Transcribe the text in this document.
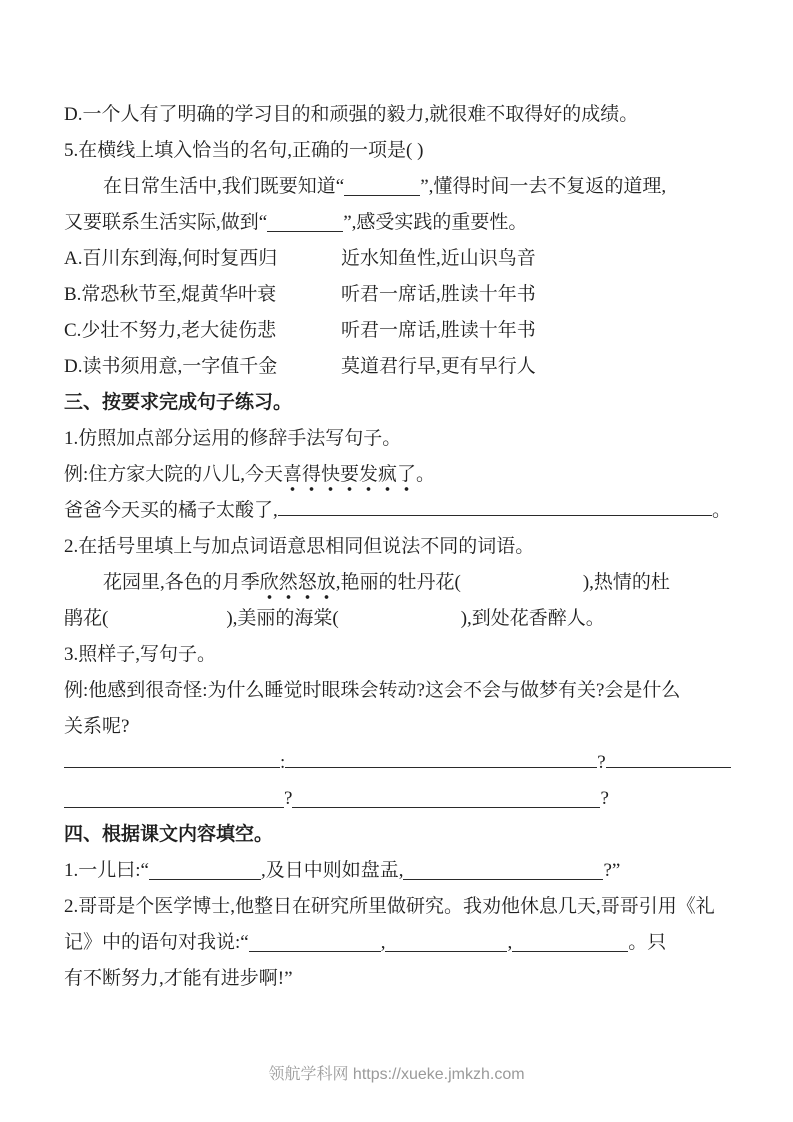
D.一个人有了明确的学习目的和顽强的毅力,就很难不取得好的成绩。
5.在横线上填入恰当的名句,正确的一项是( )
在日常生活中,我们既要知道“	”,懂得时间一去不复返的道理,
又要联系生活实际,做到“	”,感受实践的重要性。
A.百川东到海,何时复西归	近水知鱼性,近山识鸟音
B.常恐秋节至,焜黄华叶衰	听君一席话,胜读十年书
C.少壮不努力,老大徒伤悲	听君一席话,胜读十年书
D.读书须用意,一字值千金	莫道君行早,更有早行人
三、按要求完成句子练习。
1.仿照加点部分运用的修辞手法写句子。
例:住方家大院的八儿,今天喜得快要发疯了。
爸爸今天买的橘子太酸了,	。
2.在括号里填上与加点词语意思相同但说法不同的词语。
花园里,各色的月季欣然怒放,艳丽的牡丹花(	),热情的杜
鹃花(	),美丽的海棠(	),到处花香醉人。
3.照样子,写句子。
例:他感到很奇怪:为什么睡觉时眼珠会转动?这会不会与做梦有关?会是什么
关系呢?
:	?
?	?
四、根据课文内容填空。
1.一儿曰:“	,及日中则如盘盂,	?”
2.哥哥是个医学博士,他整日在研究所里做研究。我劝他休息几天,哥哥引用《礼
记》中的语句对我说:“	,	,	。只
有不断努力,才能有进步啊!”
领航学科网 https://xueke.jmkzh.com
